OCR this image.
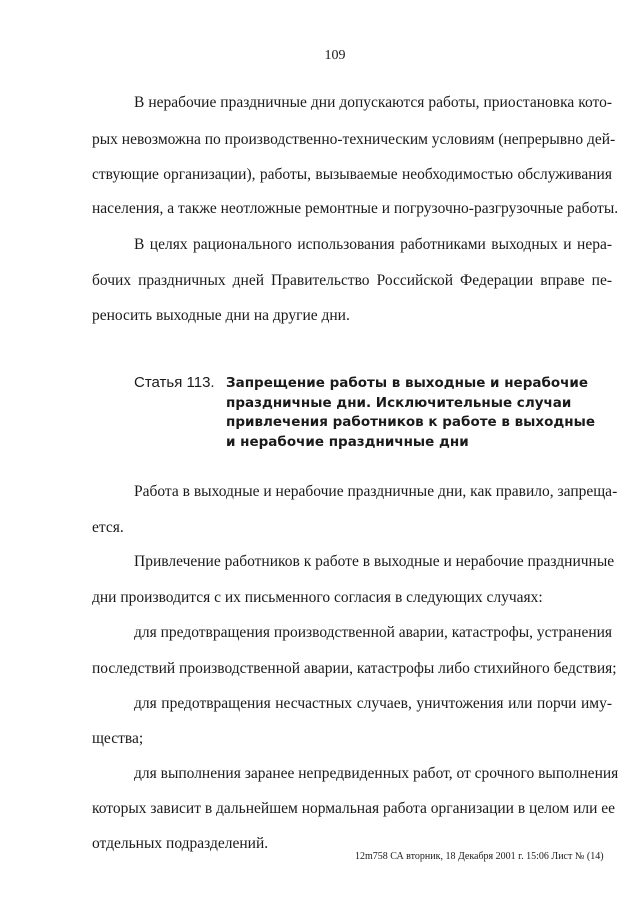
109
В нерабочие праздничные дни допускаются работы, приостановка кото-
рых невозможна по производственно-техническим условиям (непрерывно дей-
ствующие организации), работы, вызываемые необходимостью обслуживания
населения, а также неотложные ремонтные и погрузочно-разгрузочные работы.
В целях рационального использования работниками выходных и нера-
бочих праздничных дней Правительство Российской Федерации вправе пе-
реносить выходные дни на другие дни.
Статья 113. Запрещение работы в выходные и нерабочие
праздничные дни. Исключительные случаи
привлечения работников к работе в выходные
и нерабочие праздничные дни
Работа в выходные и нерабочие праздничные дни, как правило, запреща-
ется.
Привлечение работников к работе в выходные и нерабочие праздничные
дни производится с их письменного согласия в следующих случаях:
для предотвращения производственной аварии, катастрофы, устранения
последствий производственной аварии, катастрофы либо стихийного бедствия;
для предотвращения несчастных случаев, уничтожения или порчи иму-
щества;
для выполнения заранее непредвиденных работ, от срочного выполнения
которых зависит в дальнейшем нормальная работа организации в целом или ее
отдельных подразделений.
12m758 СА вторник, 18 Декабря 2001 г. 15:06 Лист № (14)
